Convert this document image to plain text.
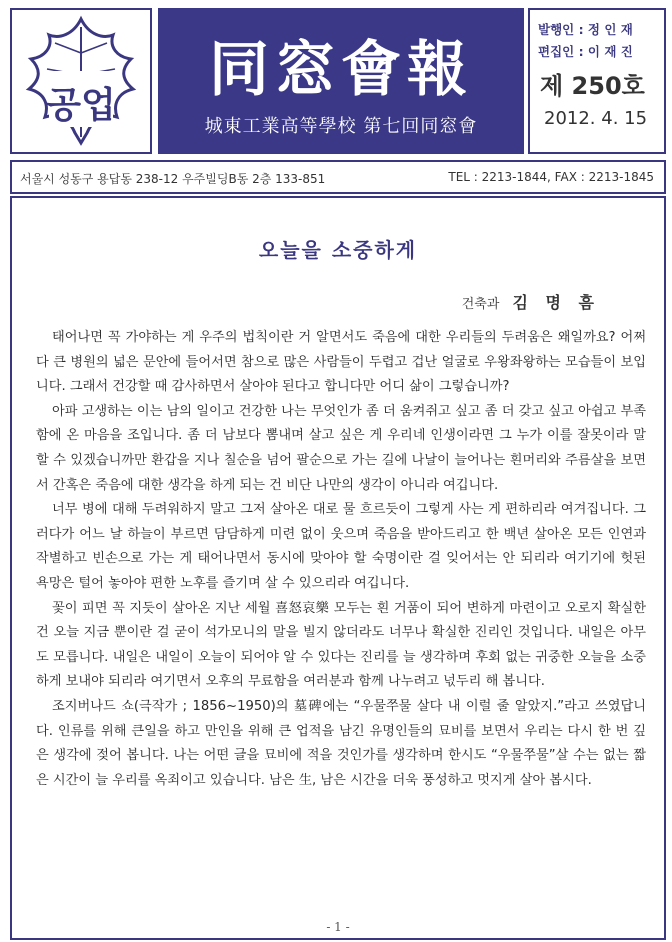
공업
同窓會報
城東工業高等學校 第七回同窓會
발행인 : 정 인 재
편집인 : 이 재 진
제 250호
2012. 4. 15
서울시 성동구 용답동 238-12 우주빌딩B동 2층 133-851	TEL : 2213-1844, FAX : 2213-1845
오늘을 소중하게
건축과 김 명 흠

태어나면 꼭 가야하는 게 우주의 법칙이란 거 알면서도 죽음에 대한 우리들의 두려움은 왜일까요? 어쩌다 큰 병원의 넓은 문안에 들어서면 참으로 많은 사람들이 두렵고 겁난 얼굴로 우왕좌왕하는 모습들이 보입니다. 그래서 건강할 때 감사하면서 살아야 된다고 합니다만 어디 삶이 그렇습니까?

아파 고생하는 이는 남의 일이고 건강한 나는 무엇인가 좀 더 움켜쥐고 싶고 좀 더 갖고 싶고 아쉽고 부족함에 온 마음을 조입니다. 좀 더 남보다 뽐내며 살고 싶은 게 우리네 인생이라면 그 누가 이를 잘못이라 말 할 수 있겠습니까만 환갑을 지나 칠순을 넘어 팔순으로 가는 길에 나날이 늘어나는 흰머리와 주름살을 보면서 간혹은 죽음에 대한 생각을 하게 되는 건 비단 나만의 생각이 아니라 여깁니다.

너무 병에 대해 두려워하지 말고 그저 살아온 대로 물 흐르듯이 그렇게 사는 게 편하리라 여겨집니다. 그러다가 어느 날 하늘이 부르면 담담하게 미련 없이 웃으며 죽음을 받아드리고 한 백년 살아온 모든 인연과 작별하고 빈손으로 가는 게 태어나면서 동시에 맞아야 할 숙명이란 걸 잊어서는 안 되리라 여기기에 헛된 욕망은 털어 놓아야 편한 노후를 즐기며 살 수 있으리라 여깁니다.

꽃이 피면 꼭 지듯이 살아온 지난 세월 喜怒哀樂 모두는 흰 거품이 되어 변하게 마련이고 오로지 확실한 건 오늘 지금 뿐이란 걸 굳이 석가모니의 말을 빌지 않더라도 너무나 확실한 진리인 것입니다. 내일은 아무도 모릅니다. 내일은 내일이 오늘이 되어야 알 수 있다는 진리를 늘 생각하며 후회 없는 귀중한 오늘을 소중하게 보내야 되리라 여기면서 오후의 무료함을 여러분과 함께 나누려고 넋두리 해 봅니다.

조지버나드 쇼(극작가 ; 1856~1950)의 墓碑에는 “우물쭈물 살다 내 이럴 줄 알았지.”라고 쓰였답니다. 인류를 위해 큰일을 하고 만인을 위해 큰 업적을 남긴 유명인들의 묘비를 보면서 우리는 다시 한 번 깊은 생각에 젖어 봅니다. 나는 어떤 글을 묘비에 적을 것인가를 생각하며 한시도 “우물쭈물”살 수는 없는 짧은 시간이 늘 우리를 옥죄이고 있습니다. 남은 生, 남은 시간을 더욱 풍성하고 멋지게 살아 봅시다.

- 1 -
